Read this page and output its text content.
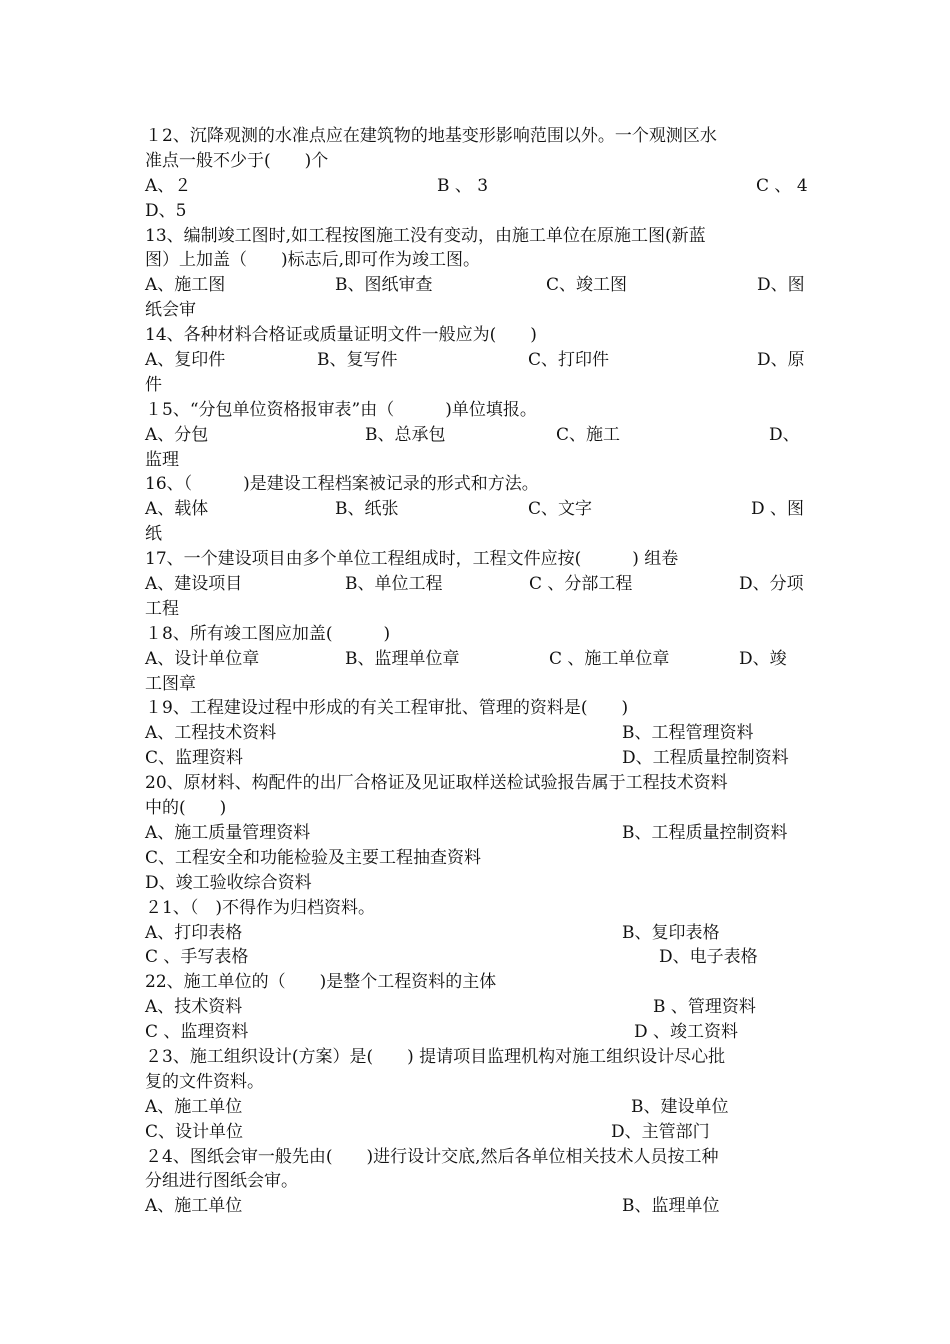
１2、沉降观测的水准点应在建筑物的地基变形影响范围以外。一个观测区水
准点一般不少于(　　)个
A、２	B 、 3	C 、 4
D、5
13、编制竣工图时,如工程按图施工没有变动，由施工单位在原施工图(新蓝
图）上加盖（　　)标志后,即可作为竣工图。
A、施工图	B、图纸审查	C、竣工图	D、图
纸会审
14、各种材料合格证或质量证明文件一般应为(　　)
A、复印件	B、复写件	C、打印件	D、原
件
１5、“分包单位资格报审表”由（　　　)单位填报。
A、分包	B、总承包	C、施工	D、
监理
16、（　　　)是建设工程档案被记录的形式和方法。
A、载体	B、纸张	C、文字	D 、图
纸
17、一个建设项目由多个单位工程组成时，工程文件应按(　　　) 组卷
A、建设项目	B、单位工程	C 、分部工程	D、分项
工程
１8、所有竣工图应加盖(　　　)
A、设计单位章	B、监理单位章	C 、施工单位章	D、竣
工图章
１9、工程建设过程中形成的有关工程审批、管理的资料是(　　)
A、工程技术资料	B、工程管理资料
C、监理资料	D、工程质量控制资料
20、原材料、构配件的出厂合格证及见证取样送检试验报告属于工程技术资料
中的(　　)
A、施工质量管理资料	B、工程质量控制资料
C、工程安全和功能检验及主要工程抽查资料
D、竣工验收综合资料
２1、（　)不得作为归档资料。
A、打印表格	B、复印表格
C 、手写表格	D、电子表格
22、施工单位的（　　)是整个工程资料的主体
A、技术资料	B 、管理资料
C 、监理资料	D 、竣工资料
２3、施工组织设计(方案）是(　　) 提请项目监理机构对施工组织设计尽心批
复的文件资料。
A、施工单位	B、建设单位
C、设计单位	D、主管部门
２4、图纸会审一般先由(　　)进行设计交底,然后各单位相关技术人员按工种
分组进行图纸会审。
A、施工单位	B、监理单位
